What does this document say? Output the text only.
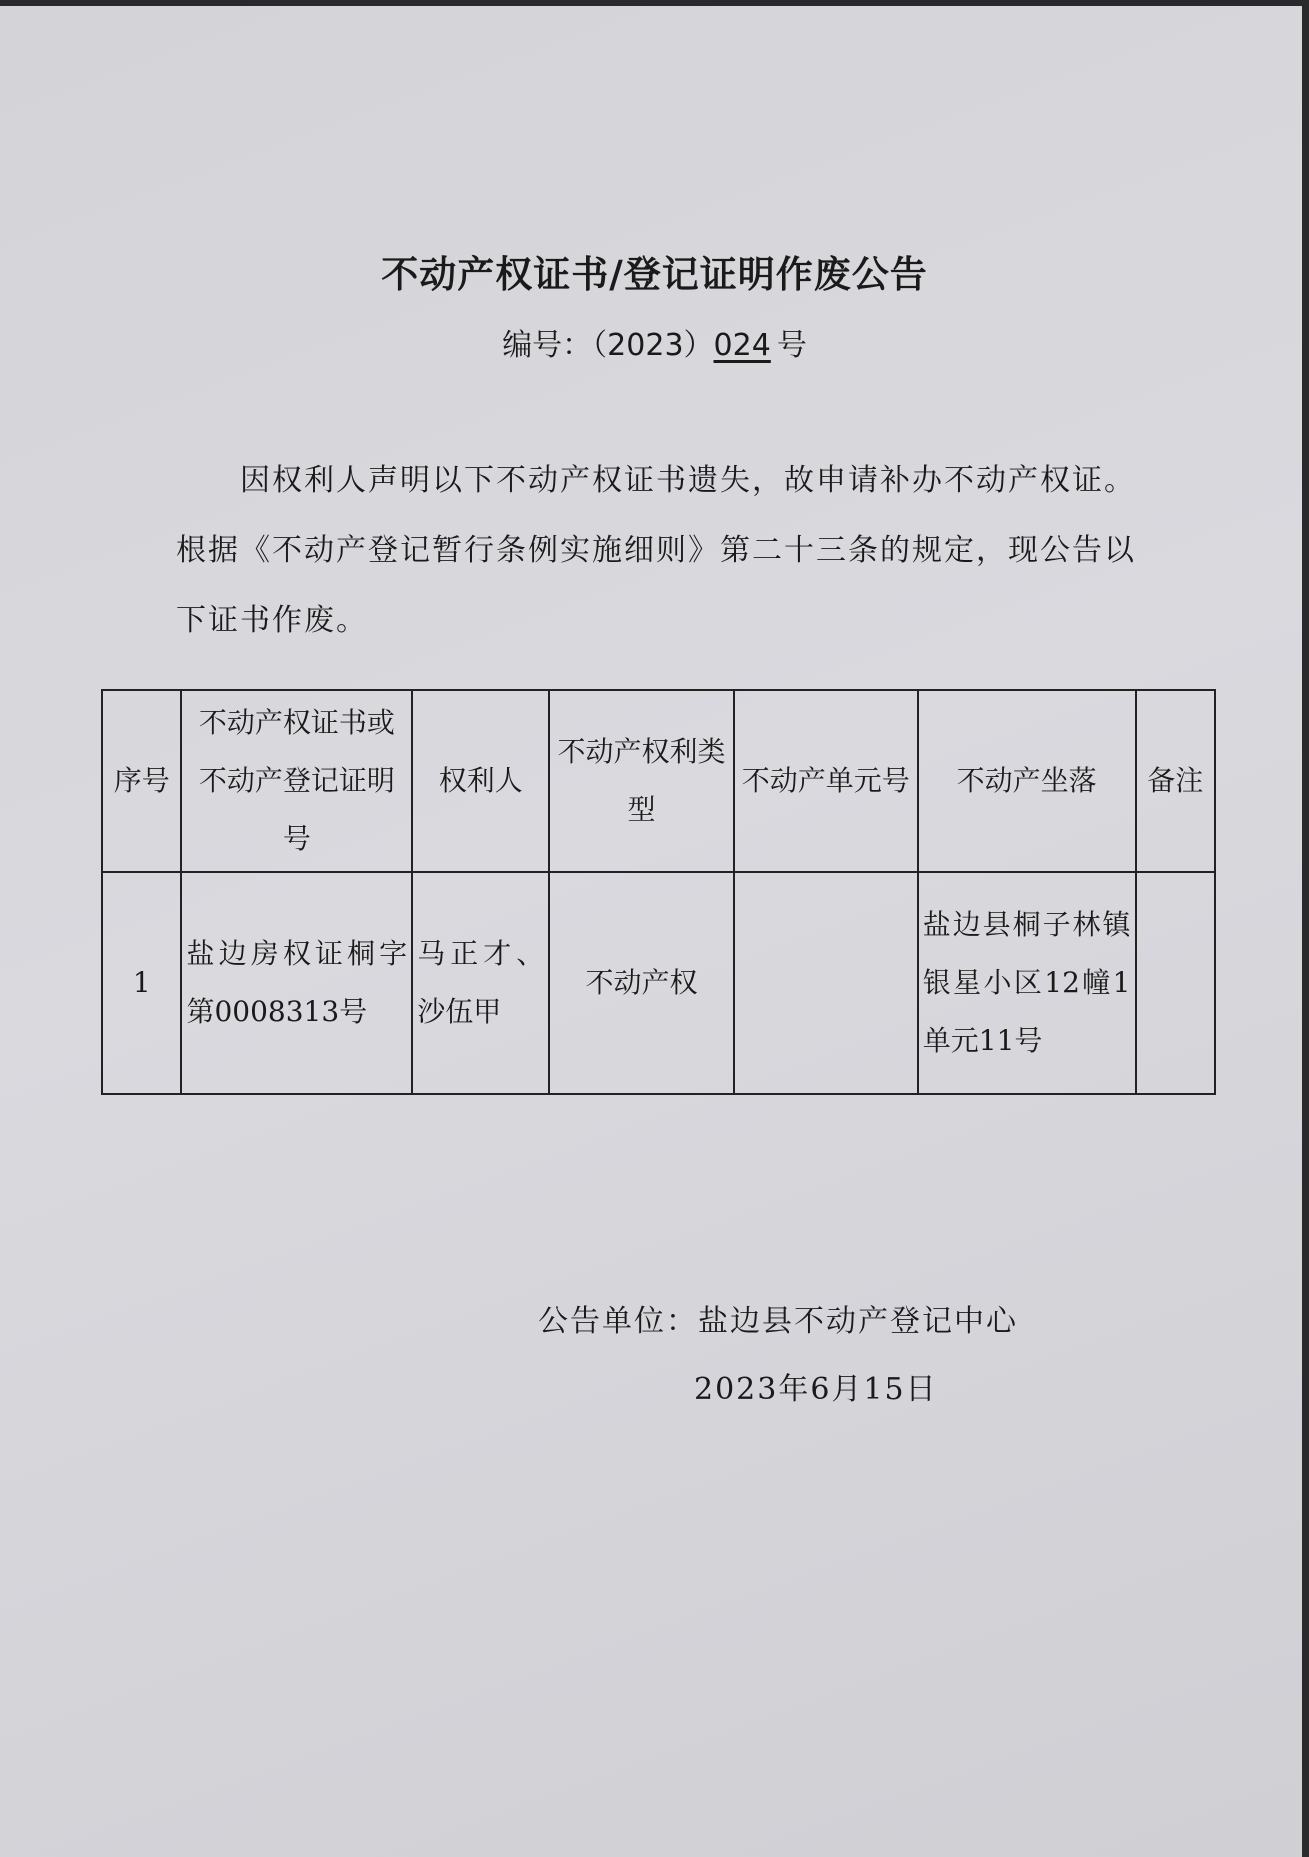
不动产权证书/登记证明作废公告
编号：（2023）024  号

因权利人声明以下不动产权证书遗失，故申请补办不动产权证。根据《不动产登记暂行条例实施细则》第二十三条的规定，现公告以下证书作废。

序号	不动产权证书或不动产登记证明号	权利人	不动产权利类　型	不动产单元号	不动产坐落	备注
1	盐边房权证桐字第0008313号	马正才、沙伍甲	不动产权		盐边县桐子林镇银星小区12幢1单元11号	
公告单位：盐边县不动产登记中心
2023年6月15日
